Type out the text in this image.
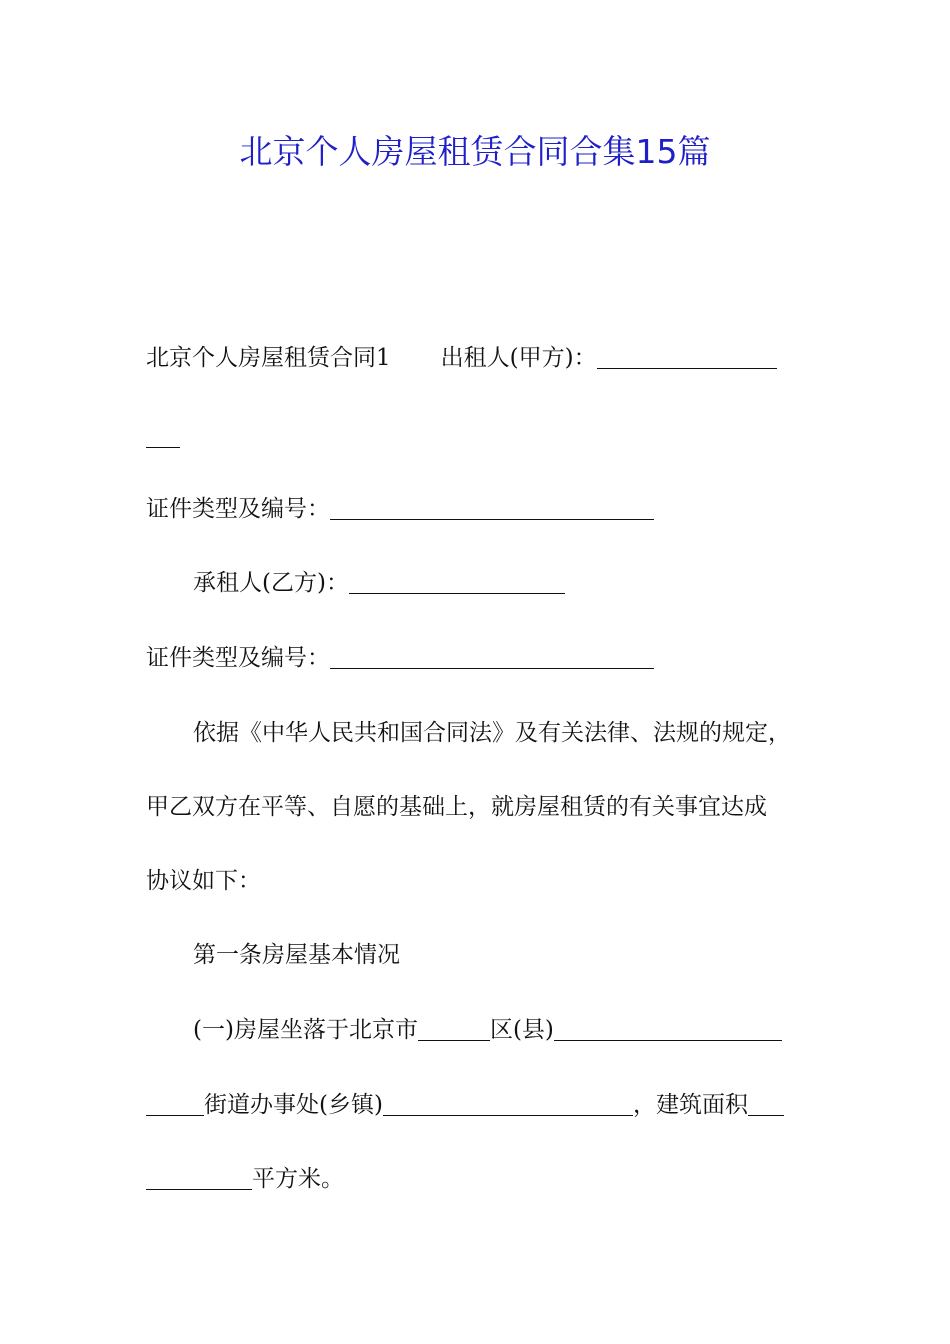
北京个人房屋租赁合同合集15篇
北京个人房屋租赁合同1 出租人(甲方)：
证件类型及编号：
承租人(乙方)：
证件类型及编号：
依据《中华人民共和国合同法》及有关法律、法规的规定，
甲乙双方在平等、自愿的基础上，就房屋租赁的有关事宜达成
协议如下：
第一条房屋基本情况
(一)房屋坐落于北京市	区(县)
街道办事处(乡镇)	，建筑面积
平方米。
